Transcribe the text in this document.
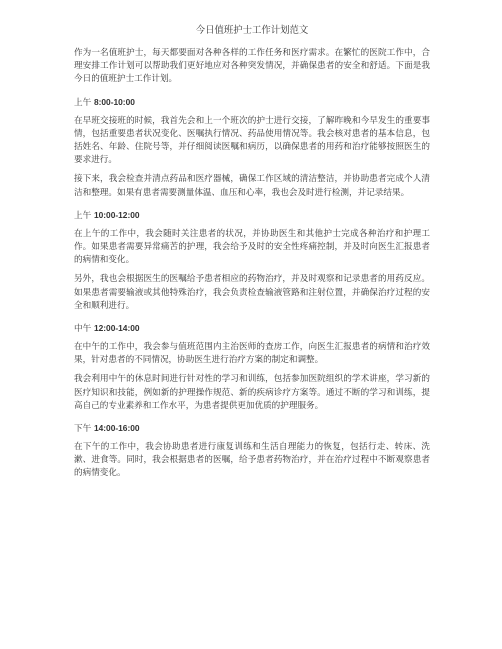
今日值班护士工作计划范文

作为一名值班护士，每天都要面对各种各样的工作任务和医疗需求。在繁忙的医院工作中，合理安排工作计划可以帮助我们更好地应对各种突发情况，并确保患者的安全和舒适。下面是我今日的值班护士工作计划。

上午 8:00-10:00

在早班交接班的时候，我首先会和上一个班次的护士进行交接，了解昨晚和今早发生的重要事情，包括重要患者状况变化、医嘱执行情况、药品使用情况等。我会核对患者的基本信息，包括姓名、年龄、住院号等，并仔细阅读医嘱和病历，以确保患者的用药和治疗能够按照医生的要求进行。

接下来，我会检查并清点药品和医疗器械，确保工作区域的清洁整洁，并协助患者完成个人清洁和整理。如果有患者需要测量体温、血压和心率，我也会及时进行检测，并记录结果。

上午 10:00-12:00

在上午的工作中，我会随时关注患者的状况，并协助医生和其他护士完成各种治疗和护理工作。如果患者需要异常痛苦的护理，我会给予及时的安全性疼痛控制，并及时向医生汇报患者的病情和变化。

另外，我也会根据医生的医嘱给予患者相应的药物治疗，并及时观察和记录患者的用药反应。如果患者需要输液或其他特殊治疗，我会负责检查输液管路和注射位置，并确保治疗过程的安全和顺利进行。

中午 12:00-14:00

在中午的工作中，我会参与值班范围内主治医师的查房工作，向医生汇报患者的病情和治疗效果，针对患者的不同情况，协助医生进行治疗方案的制定和调整。

我会利用中午的休息时间进行针对性的学习和训练，包括参加医院组织的学术讲座，学习新的医疗知识和技能，例如新的护理操作规范、新的疾病诊疗方案等。通过不断的学习和训练，提高自己的专业素养和工作水平，为患者提供更加优质的护理服务。

下午 14:00-16:00

在下午的工作中，我会协助患者进行康复训练和生活自理能力的恢复，包括行走、转床、洗漱、进食等。同时，我会根据患者的医嘱，给予患者药物治疗，并在治疗过程中不断观察患者的病情变化。
